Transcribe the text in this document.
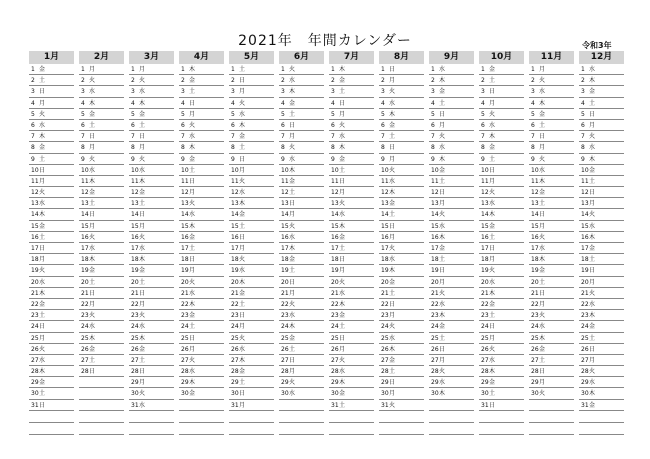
2021年　年間カレンダー	令和3年
1月
1 金
2 土
3 日
4 月
5 火
6 水
7 木
8 金
9 土
10日
11月
12火
13水
14木
15金
16土
17日
18月
19火
20水
21木
22金
23土
24日
25月
26火
27水
28木
29金
30土
31日
2月
1 月
2 火
3 水
4 木
5 金
6 土
7 日
8 月
9 火
10水
11木
12金
13土
14日
15月
16火
17水
18木
19金
20土
21日
22月
23火
24水
25木
26金
27土
28日
3月
1 月
2 火
3 水
4 木
5 金
6 土
7 日
8 月
9 火
10水
11木
12金
13土
14日
15月
16火
17水
18木
19金
20土
21日
22月
23火
24水
25木
26金
27土
28日
29月
30火
31水
4月
1 木
2 金
3 土
4 日
5 月
6 火
7 水
8 木
9 金
10土
11日
12月
13火
14水
15木
16金
17土
18日
19月
20火
21水
22木
23金
24土
25日
26月
27火
28水
29木
30金
5月
1 土
2 日
3 月
4 火
5 水
6 木
7 金
8 土
9 日
10月
11火
12水
13木
14金
15土
16日
17月
18火
19水
20木
21金
22土
23日
24月
25火
26水
27木
28金
29土
30日
31月
6月
1 火
2 水
3 木
4 金
5 土
6 日
7 月
8 火
9 水
10木
11金
12土
13日
14月
15火
16水
17木
18金
19土
20日
21月
22火
23水
24木
25金
26土
27日
28月
29火
30水
7月
1 木
2 金
3 土
4 日
5 月
6 火
7 水
8 木
9 金
10土
11日
12月
13火
14水
15木
16金
17土
18日
19月
20火
21水
22木
23金
24土
25日
26月
27火
28水
29木
30金
31土
8月
1 日
2 月
3 火
4 水
5 木
6 金
7 土
8 日
9 月
10火
11水
12木
13金
14土
15日
16月
17火
18水
19木
20金
21土
22日
23月
24火
25水
26木
27金
28土
29日
30月
31火
9月
1 水
2 木
3 金
4 土
5 日
6 月
7 火
8 水
9 木
10金
11土
12日
13月
14火
15水
16木
17金
18土
19日
20月
21火
22水
23木
24金
25土
26日
27月
28火
29水
30木
10月
1 金
2 土
3 日
4 月
5 火
6 水
7 木
8 金
9 土
10日
11月
12火
13水
14木
15金
16土
17日
18月
19火
20水
21木
22金
23土
24日
25月
26火
27水
28木
29金
30土
31日
11月
1 月
2 火
3 水
4 木
5 金
6 土
7 日
8 月
9 火
10水
11木
12金
13土
14日
15月
16火
17水
18木
19金
20土
21日
22月
23火
24水
25木
26金
27土
28日
29月
30火
12月
1 水
2 木
3 金
4 土
5 日
6 月
7 火
8 水
9 木
10金
11土
12日
13月
14火
15水
16木
17金
18土
19日
20月
21火
22水
23木
24金
25土
26日
27月
28火
29水
30木
31金
